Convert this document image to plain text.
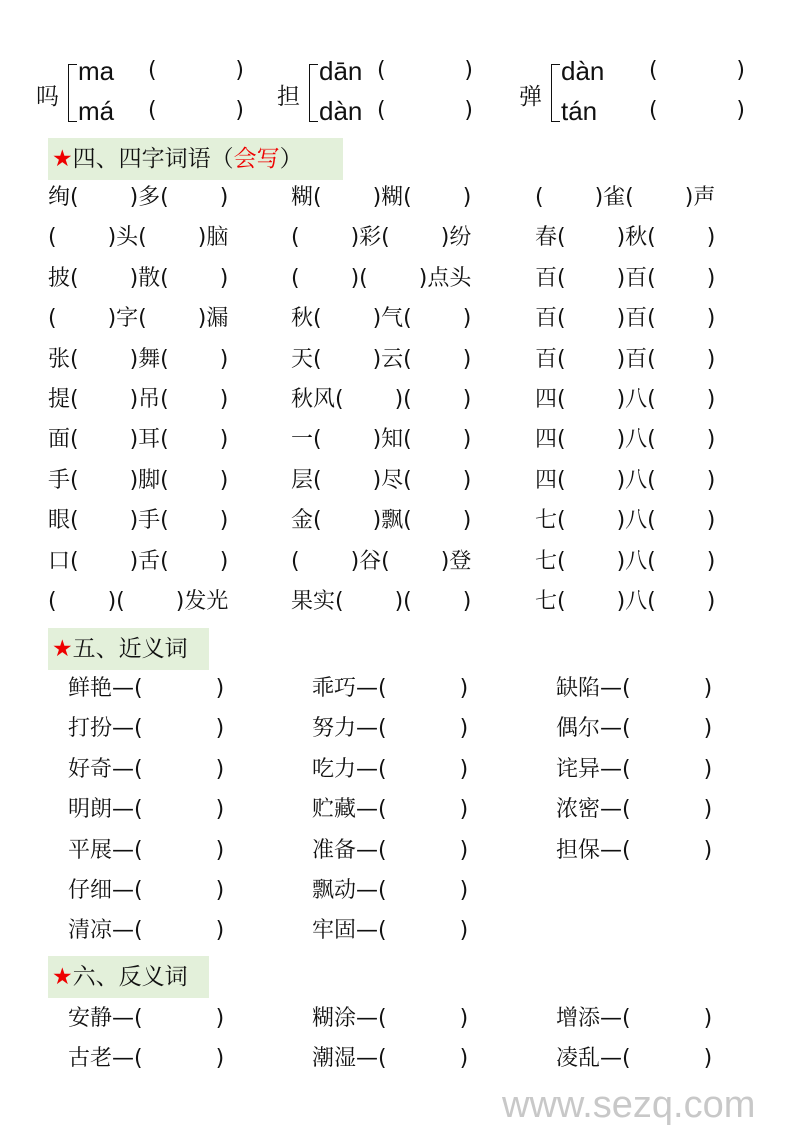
吗
ma (	)
má (	)
担
dān (	)
dàn (	)
弹
dàn (	)
tán (	)
★四、四字词语（会写）
绚(　　 )多(　　 )	糊(　　 )糊(　　 )	(　　 )雀(　　 )声
(　　 )头(　　 )脑	(　　 )彩(　　 )纷	春(　　 )秋(　　 )
披(　　 )散(　　 )	(　　 )(　　 )点头	百(　　 )百(　　 )
(　　 )字(　　 )漏	秋(　　 )气(　　 )	百(　　 )百(　　 )
张(　　 )舞(　　 )	天(　　 )云(　　 )	百(　　 )百(　　 )
提(　　 )吊(　　 )	秋风(　　 )(　　 )	四(　　 )八(　　 )
面(　　 )耳(　　 )	一(　　 )知(　　 )	四(　　 )八(　　 )
手(　　 )脚(　　 )	层(　　 )尽(　　 )	四(　　 )八(　　 )
眼(　　 )手(　　 )	金(　　 )飘(　　 )	七(　　 )八(　　 )
口(　　 )舌(　　 )	(　　 )谷(　　 )登	七(　　 )八(　　 )
(　　 )(　　 )发光	果实(　　 )(　　 )	七(　　 )八(　　 )
★五、近义词
鲜艳—(　　　 )	乖巧—(　　　 )	缺陷—(　　　 )
打扮—(　　　 )	努力—(　　　 )	偶尔—(　　　 )
好奇—(　　　 )	吃力—(　　　 )	诧异—(　　　 )
明朗—(　　　 )	贮藏—(　　　 )	浓密—(　　　 )
平展—(　　　 )	准备—(　　　 )	担保—(　　　 )
仔细—(　　　 )	飘动—(　　　 )
清凉—(　　　 )	牢固—(　　　 )
★六、反义词
安静—(　　　 )	糊涂—(　　　 )	增添—(　　　 )
古老—(　　　 )	潮湿—(　　　 )	凌乱—(　　　 )
www.sezq.com
